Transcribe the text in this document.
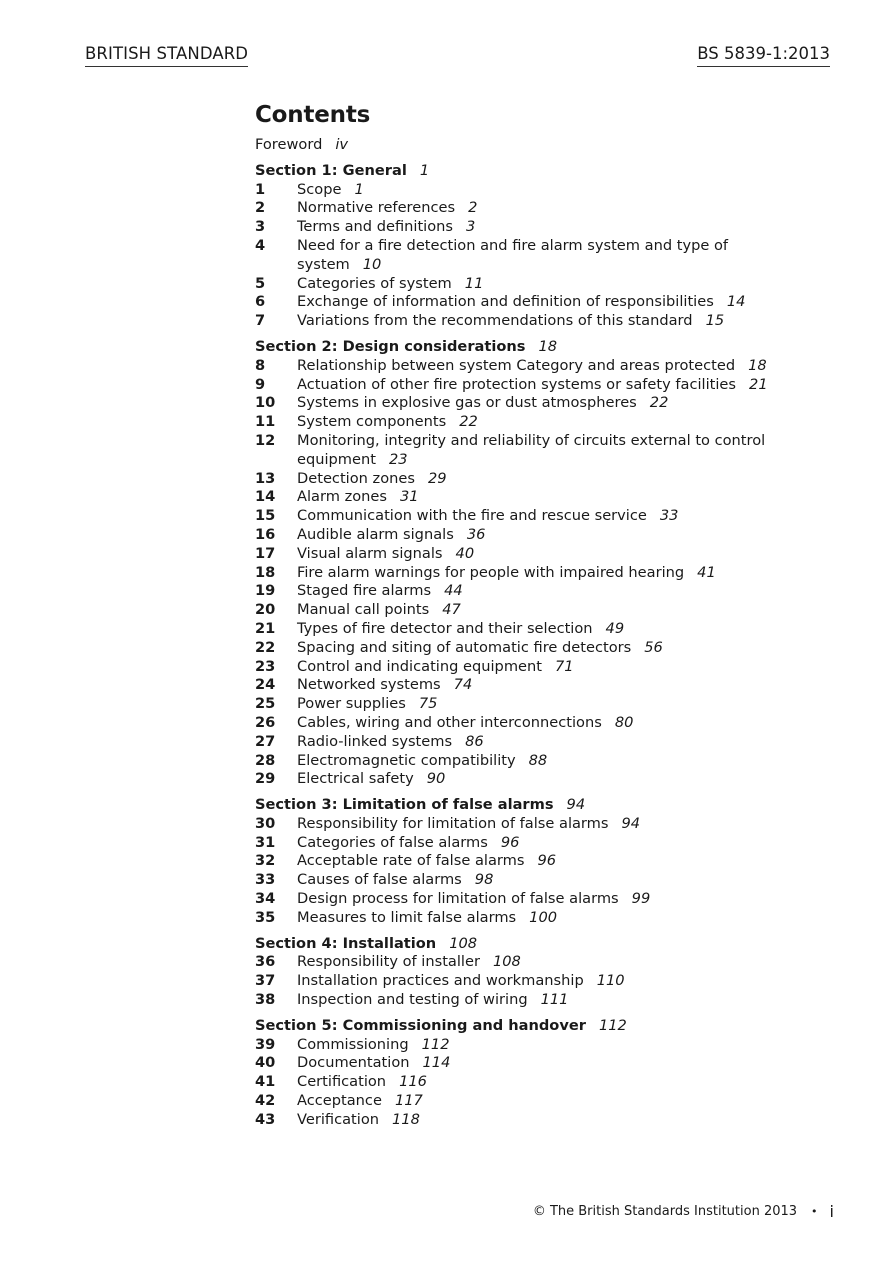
BRITISH STANDARD	BS 5839-1:2013
Contents
Foreword iv
Section 1: General 1
1	Scope 1
2	Normative references 2
3	Terms and definitions 3
4	Need for a fire detection and fire alarm system and type of system 10
5	Categories of system 11
6	Exchange of information and definition of responsibilities 14
7	Variations from the recommendations of this standard 15
Section 2: Design considerations 18
8	Relationship between system Category and areas protected 18
9	Actuation of other fire protection systems or safety facilities 21
10	Systems in explosive gas or dust atmospheres 22
11	System components 22
12	Monitoring, integrity and reliability of circuits external to control equipment 23
13	Detection zones 29
14	Alarm zones 31
15	Communication with the fire and rescue service 33
16	Audible alarm signals 36
17	Visual alarm signals 40
18	Fire alarm warnings for people with impaired hearing 41
19	Staged fire alarms 44
20	Manual call points 47
21	Types of fire detector and their selection 49
22	Spacing and siting of automatic fire detectors 56
23	Control and indicating equipment 71
24	Networked systems 74
25	Power supplies 75
26	Cables, wiring and other interconnections 80
27	Radio-linked systems 86
28	Electromagnetic compatibility 88
29	Electrical safety 90
Section 3: Limitation of false alarms 94
30	Responsibility for limitation of false alarms 94
31	Categories of false alarms 96
32	Acceptable rate of false alarms 96
33	Causes of false alarms 98
34	Design process for limitation of false alarms 99
35	Measures to limit false alarms 100
Section 4: Installation 108
36	Responsibility of installer 108
37	Installation practices and workmanship 110
38	Inspection and testing of wiring 111
Section 5: Commissioning and handover 112
39	Commissioning 112
40	Documentation 114
41	Certification 116
42	Acceptance 117
43	Verification 118
© The British Standards Institution 2013 • i
